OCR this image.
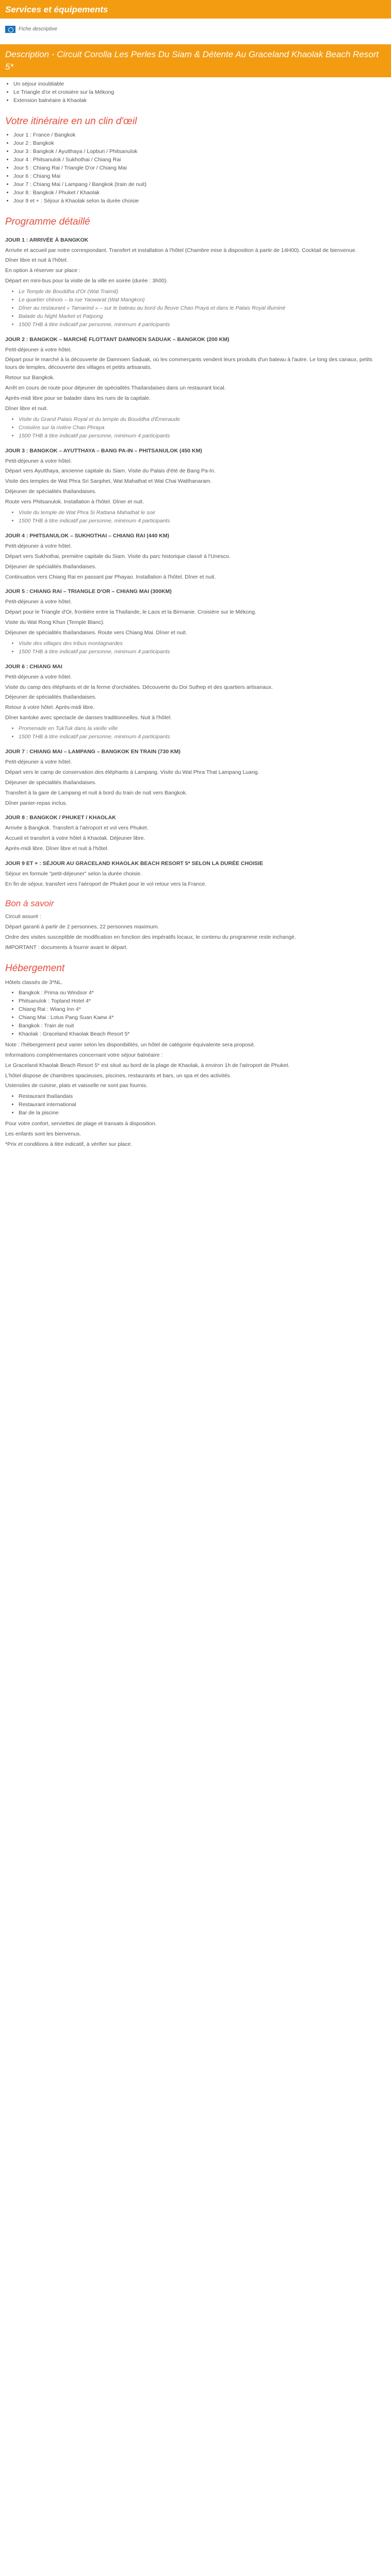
Services et équipements
Fiche descriptive
Description - Circuit Corolla Les Perles Du Siam & Détente Au Graceland Khaolak Beach Resort 5*
• Un séjour inoubliable
• Le Triangle d'or et croisière sur la Mékong
• Extension balnéaire à Khaolak
Votre itinéraire en un clin d'œil
• Jour 1 : France / Bangkok
• Jour 2 : Bangkok
• Jour 3 : Bangkok / Ayutthaya / Lopburi / Phitsanulok
• Jour 4 : Phitsanulok / Sukhothai / Chiang Rai
• Jour 5 : Chiang Rai / Triangle D'or / Chiang Mai
• Jour 6 : Chiang Mai
• Jour 7 : Chiang Mai / Lampang / Bangkok (train de nuit)
• Jour 8 : Bangkok / Phuket / Khaolak
• Jour 9 et + : Séjour à Khaolak selon la durée choisie
Programme détaillé
JOUR 1 : ARRIVÉE À BANGKOK

Arrivée et accueil par notre correspondant. Transfert et installation à l'hôtel (Chambre mise à disposition à partir de 14H00). Cocktail de bienvenue.

Dîner libre et nuit à l'hôtel.

En option à réserver sur place :

Départ en mini-bus pour la visite de la ville en soirée (durée : 3h00).

• Le Temple de Bouddha d'Or (Wat Traimit)
• Le quartier chinois – la rue Yaowarat (Wat Mangkon)
• Dîner au restaurant « Tamarind » – sur le bateau au bord du fleuve Chao Praya et dans le Palais Royal illuminé
• Balade du Night Market et Patpong
• 1500 THB à titre indicatif par personne, minimum 4 participants

JOUR 2 : BANGKOK – MARCHÉ FLOTTANT DAMNOEN SADUAK – BANGKOK (200 KM)

Petit-déjeuner à votre hôtel.

Départ pour le marché à la découverte de Damnoen Saduak, où les commerçants vendent leurs produits d'un bateau à l'autre. Le long des canaux, petits tours de temples, découverte des villages et petits artisanats.

Retour sur Bangkok.

Arrêt en cours de route pour déjeuner de spécialités Thaïlandaises dans un restaurant local.

Après-midi libre pour se balader dans les rues de la capitale.

Dîner libre et nuit.

• Visite du Grand Palais Royal et du temple du Bouddha d'Émeraude
• Croisière sur la rivière Chao Phraya
• 1500 THB à titre indicatif par personne, minimum 4 participants

JOUR 3 : BANGKOK – AYUTTHAYA – BANG PA-IN – PHITSANULOK (450 KM)

Petit-déjeuner à votre hôtel.

Départ vers Ayutthaya, ancienne capitale du Siam. Visite du Palais d'été de Bang Pa-In.

Visite des temples de Wat Phra Sri Sanphet, Wat Mahathat et Wat Chai Watthanaram.

Déjeuner de spécialités thaïlandaises.

Route vers Phitsanulok. Installation à l'hôtel. Dîner et nuit.

• Visite du temple de Wat Phra Si Rattana Mahathat le soir
• 1500 THB à titre indicatif par personne, minimum 4 participants

JOUR 4 : PHITSANULOK – SUKHOTHAI – CHIANG RAI (440 KM)

Petit-déjeuner à votre hôtel.

Départ vers Sukhothai, première capitale du Siam. Visite du parc historique classé à l'Unesco.

Déjeuner de spécialités thaïlandaises.

Continuation vers Chiang Rai en passant par Phayao. Installation à l'hôtel. Dîner et nuit.

JOUR 5 : CHIANG RAI – TRIANGLE D'OR – CHIANG MAI (300KM)

Petit-déjeuner à votre hôtel.

Départ pour le Triangle d'Or, frontière entre la Thaïlande, le Laos et la Birmanie. Croisière sur le Mékong.

Visite du Wat Rong Khun (Temple Blanc).

Déjeuner de spécialités thaïlandaises. Route vers Chiang Mai. Dîner et nuit.

• Visite des villages des tribus montagnardes
• 1500 THB à titre indicatif par personne, minimum 4 participants

JOUR 6 : CHIANG MAI

Petit-déjeuner à votre hôtel.

Visite du camp des éléphants et de la ferme d'orchidées. Découverte du Doi Suthep et des quartiers artisanaux.

Déjeuner de spécialités thaïlandaises.

Retour à votre hôtel. Après-midi libre.

Dîner kantoke avec spectacle de danses traditionnelles. Nuit à l'hôtel.

• Promenade en TukTuk dans la vieille ville
• 1500 THB à titre indicatif par personne, minimum 4 participants

JOUR 7 : CHIANG MAI – LAMPANG – BANGKOK EN TRAIN (730 KM)

Petit-déjeuner à votre hôtel.

Départ vers le camp de conservation des éléphants à Lampang. Visite du Wat Phra That Lampang Luang.

Déjeuner de spécialités thaïlandaises.

Transfert à la gare de Lampang et nuit à bord du train de nuit vers Bangkok.

Dîner panier-repas inclus.

JOUR 8 : BANGKOK / PHUKET / KHAOLAK

Arrivée à Bangkok. Transfert à l'aéroport et vol vers Phuket.

Accueil et transfert à votre hôtel à Khaolak. Déjeuner libre.

Après-midi libre. Dîner libre et nuit à l'hôtel.

JOUR 9 ET + : SÉJOUR AU GRACELAND KHAOLAK BEACH RESORT 5* SELON LA DURÉE CHOISIE

Séjour en formule "petit-déjeuner" selon la durée choisie.

En fin de séjour, transfert vers l'aéroport de Phuket pour le vol retour vers la France.

Bon à savoir

Circuit assuré :

Départ garanti à partir de 2 personnes, 22 personnes maximum.

Ordre des visites susceptible de modification en fonction des impératifs locaux, le contenu du programme reste inchangé.

IMPORTANT : documents à fournir avant le départ.

Hébergement

Hôtels classés de 3*NL.

• Bangkok : Prima ou Windsor 4*
• Phitsanulok : Topland Hotel 4*
• Chiang Rai : Wiang Inn 4*
• Chiang Mai : Lotus Pang Suan Kaew 4*
• Bangkok : Train de nuit
• Khaolak : Graceland Khaolak Beach Resort 5*

Note : l'hébergement peut varier selon les disponibilités, un hôtel de catégorie équivalente sera proposé.

Informations complémentaires concernant votre séjour balnéaire :

Le Graceland Khaolak Beach Resort 5* est situé au bord de la plage de Khaolak, à environ 1h de l'aéroport de Phuket.

L'hôtel dispose de chambres spacieuses, piscines, restaurants et bars, un spa et des activités.

Ustensiles de cuisine, plats et vaisselle ne sont pas fournis.

• Restaurant thaïlandais
• Restaurant international
• Bar de la piscine

Pour votre confort, serviettes de plage et transats à disposition.

Les enfants sont les bienvenus.

*Prix et conditions à titre indicatif, à vérifier sur place.
